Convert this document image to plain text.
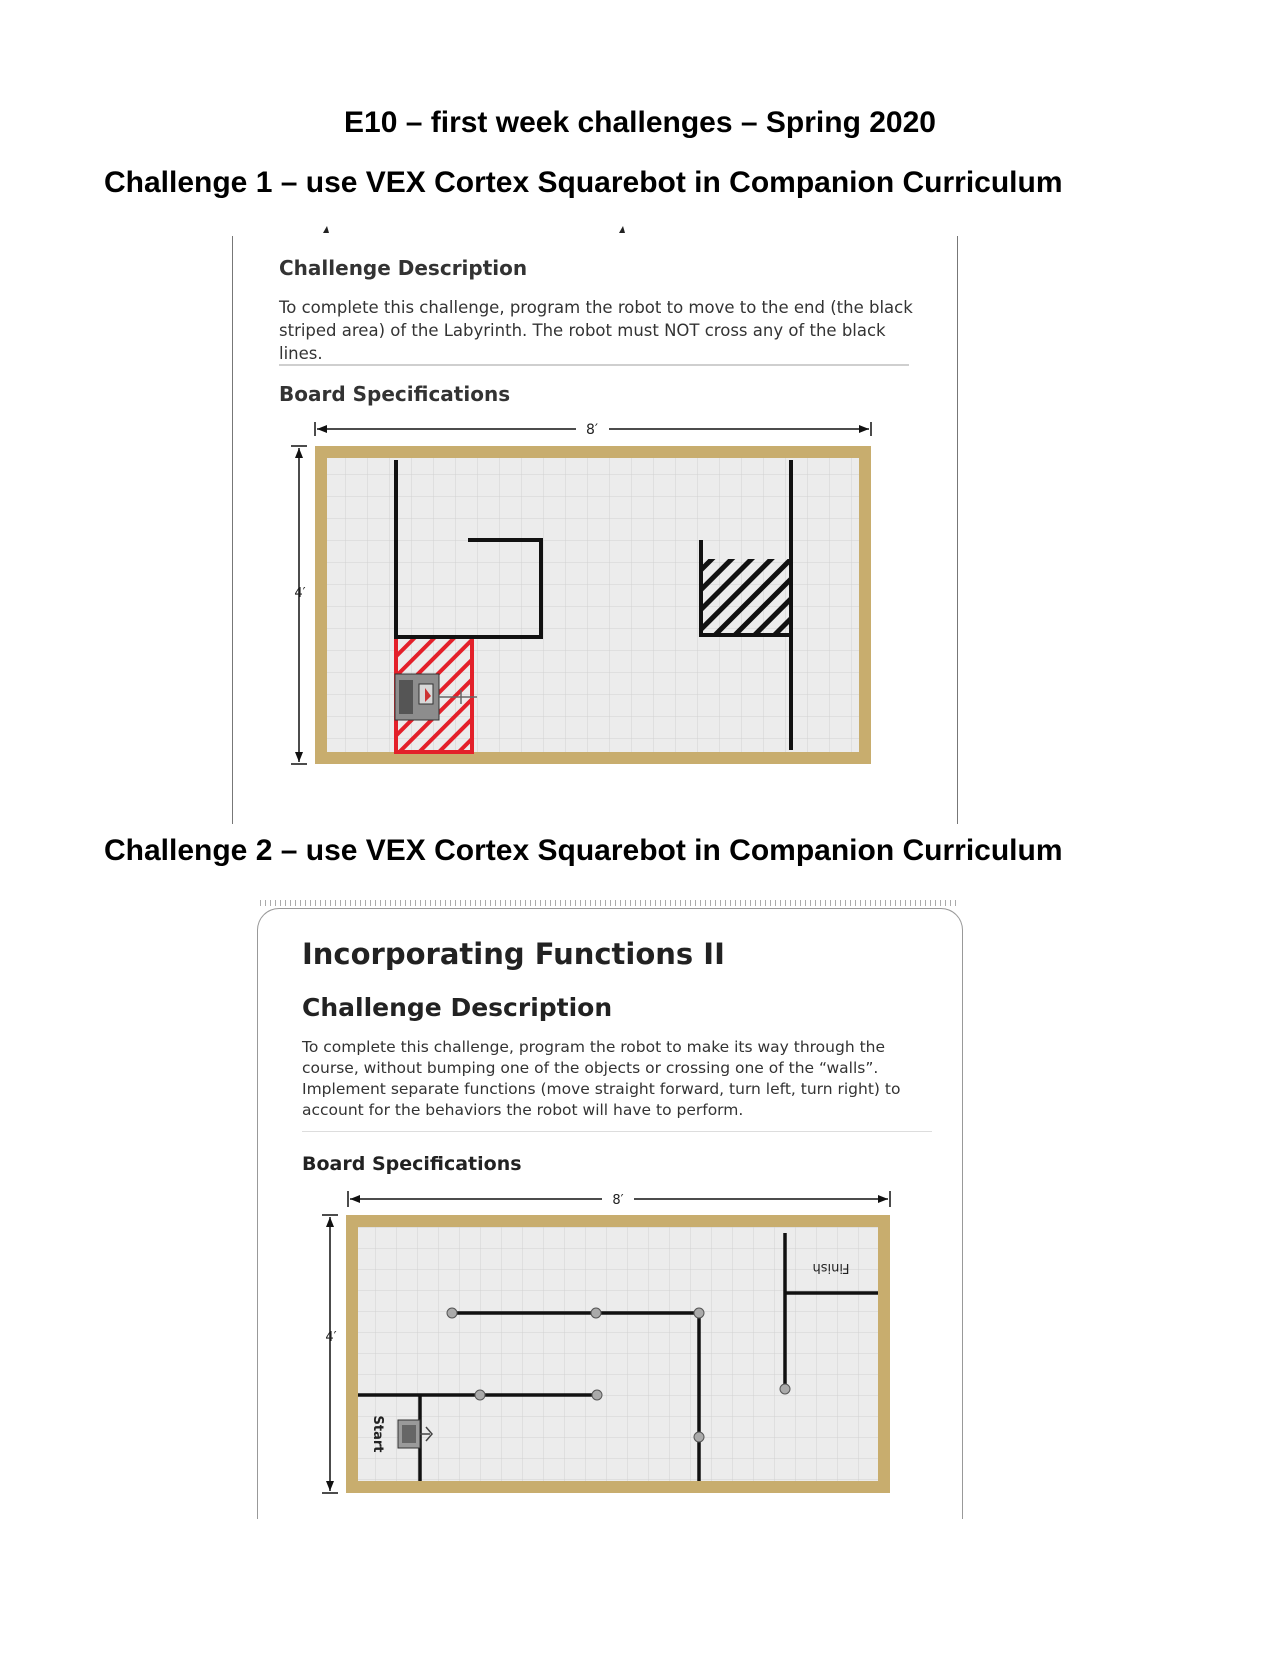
E10 – first week challenges – Spring 2020
Challenge 1 – use VEX Cortex Squarebot in Companion Curriculum
Challenge Description
To complete this challenge, program the robot to move to the end (the black striped area) of the Labyrinth. The robot must NOT cross any of the black lines.
Board Specifications
8′
4′
Challenge 2 – use VEX Cortex Squarebot in Companion Curriculum
Incorporating Functions II
Challenge Description
To complete this challenge, program the robot to make its way through the course, without bumping one of the objects or crossing one of the “walls”. Implement separate functions (move straight forward, turn left, turn right) to account for the behaviors the robot will have to perform.
Board Specifications
8′
4′
Start
Finish
